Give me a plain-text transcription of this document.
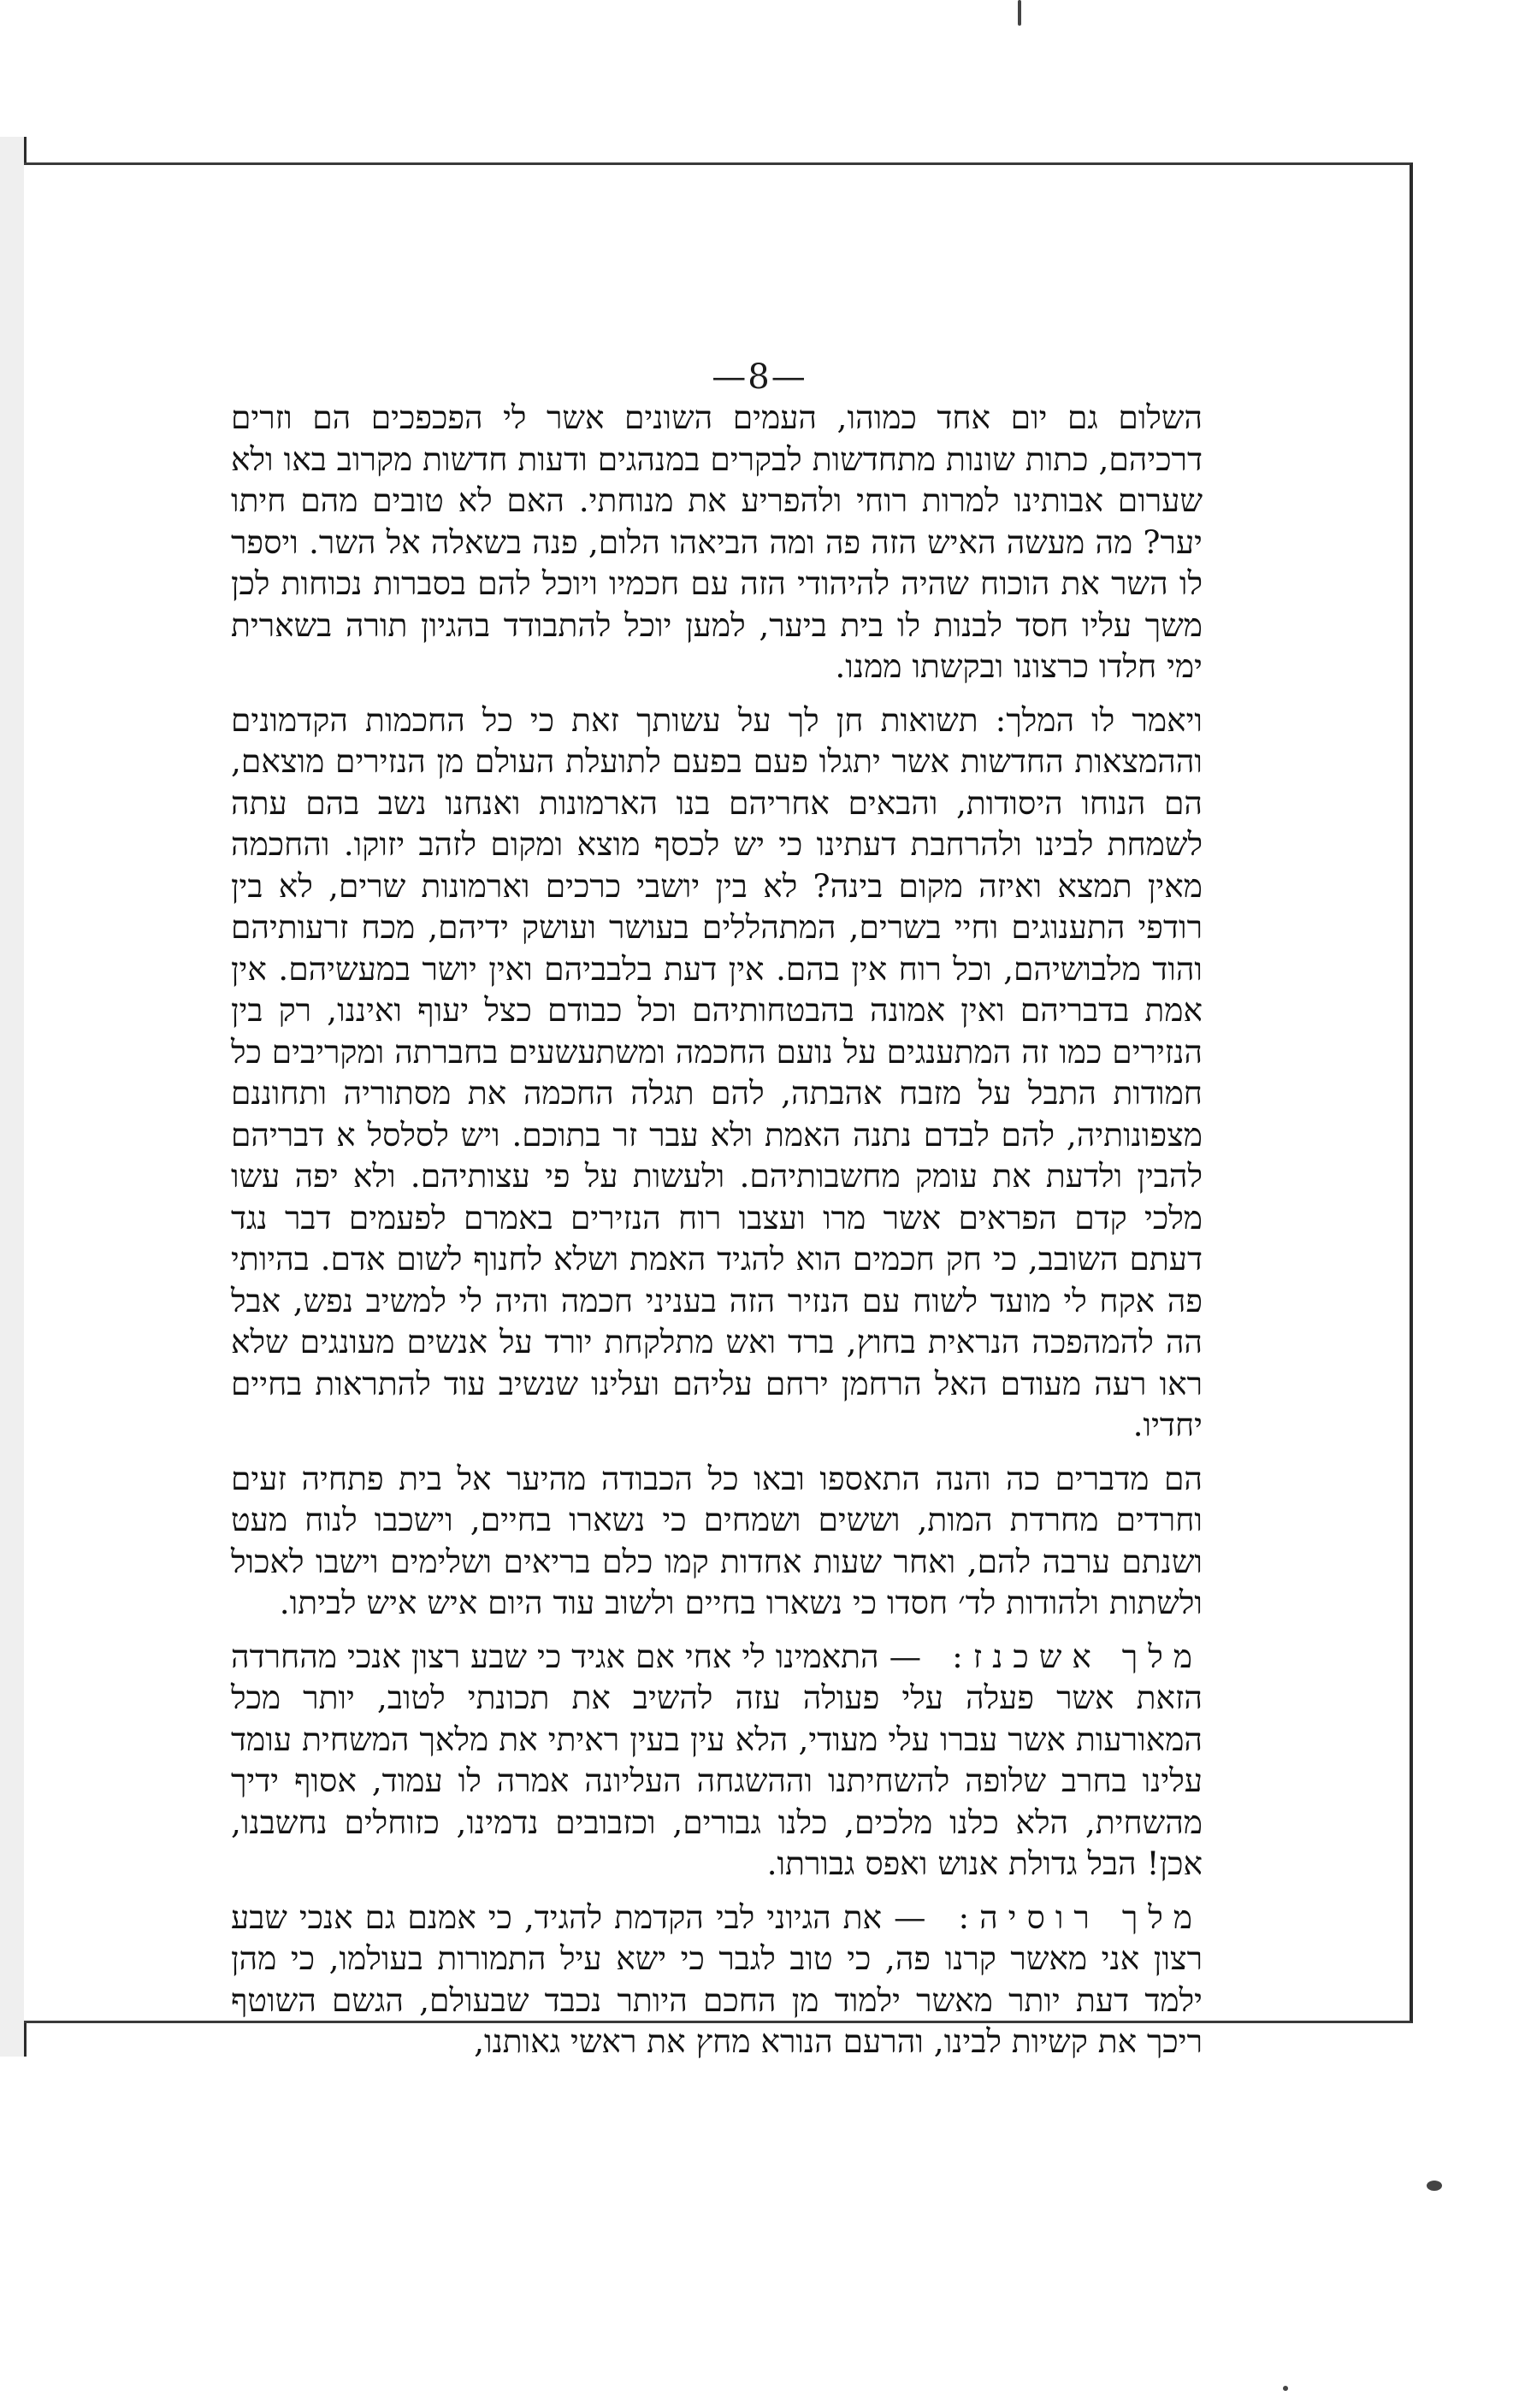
—8—

השלום גם יום אחד כמוהו, העמים השונים אשר לי הפכפכים הם וזרים דרכיהם, כתות שונות מתחדשות לבקרים במנהגים ודעות חדשות מקרוב באו ולא שערום אבותינו למרות רוחי ולהפריע את מנוחתי. האם לא טובים מהם חיתו יער? מה מעשה האיש הזה פה ומה הביאהו הלום, פנה בשאלה אל השר. ויספר לו השר את הוכוח שהיה להיהודי הזה עם חכמיו ויוכל להם בסברות נכוחות לכן משך עליו חסד לבנות לו בית ביער, למען יוכל להתבודד בהגיון תורה בשארית ימי חלדו כרצונו ובקשתו ממנו.

ויאמר לו המלך: תשואות חן לך על עשותך זאת כי כל החכמות הקדמונים וההמצאות החדשות אשר יתגלו פעם בפעם לתועלת העולם מן הנזירים מוצאם, הם הנוחו היסודות, והבאים אחריהם בנו הארמונות ואנחנו נשב בהם עתה לשמחת לבינו ולהרחבת דעתינו כי יש לכסף מוצא ומקום לזהב יזוקו. והחכמה מאין תמצא ואיזה מקום בינה? לא בין יושבי כרכים וארמונות שרים, לא בין רודפי התענוגים וחיי בשרים, המתהללים בעושר ועושק ידיהם, מכח זרעותיהם והוד מלבושיהם, וכל רוח אין בהם. אין דעת בלבביהם ואין יושר במעשיהם. אין אמת בדבריהם ואין אמונה בהבטחותיהם וכל כבודם כצל יעוף ואיננו, רק בין הנזירים כמו זה המתענגים על נועם החכמה ומשתעשעים בחברתה ומקריבים כל חמודות התבל על מזבח אהבתה, להם תגלה החכמה את מסתוריה ותחוננם מצפונותיה, להם לבדם נתנה האמת ולא עבר זר בתוכם. ויש לסלסל א דבריהם להבין ולדעת את עומק מחשבותיהם. ולעשות על פי עצותיהם. ולא יפה עשו מלכי קדם הפראים אשר מרו ועצבו רוח הנזירים באמרם לפעמים דבר נגד דעתם השובב, כי חק חכמים הוא להגיד האמת ושלא לחנוף לשום אדם. בהיותי פה אקח לי מועד לשוח עם הנזיר הזה בעניני חכמה והיה לי למשיב נפש, אבל הה להמהפכה הנראית בחוץ, ברד ואש מתלקחת יורד על אנשים מעונגים שלא ראו רעה מעודם האל הרחמן ירחם עליהם ועלינו שנשיב עוד להתראות בחיים יחדיו.

הם מדברים כה והנה התאספו ובאו כל הכבודה מהיער אל בית פתחיה זעים וחרדים מחרדת המות, וששים ושמחים כי נשארו בחיים, וישכבו לנוח מעט ושנתם ערבה להם, ואחר שעות אחדות קמו כלם בריאים ושלימים וישבו לאכול ולשתות ולהודות לד׳ חסדו כי נשארו בחיים ולשוב עוד היום איש איש לביתו.

מלך אשכנז: — התאמינו לי אחי אם אגיד כי שבע רצון אנכי מהחרדה הזאת אשר פעלה עלי פעולה עזה להשיב את תכונתי לטוב, יותר מכל המאורעות אשר עברו עלי מעודי, הלא עין בעין ראיתי את מלאך המשחית עומד עלינו בחרב שלופה להשחיתנו וההשגחה העליונה אמרה לו עמוד, אסוף ידיך מהשחית, הלא כלנו מלכים, כלנו גבורים, וכזבובים נדמינו, כזוחלים נחשבנו, אכן! הבל גדולת אנוש ואפס גבורתו.

מלך רוסיה: — את הגיוני לבי הקדמת להגיד, כי אמנם גם אנכי שבע רצון אני מאשר קרנו פה, כי טוב לגבר כי ישא עיל התמורות בעולמו, כי מהן ילמד דעת יותר מאשר ילמוד מן החכם היותר נכבד שבעולם, הגשם השוטף ריכך את קשיות לבינו, והרעם הנורא מחץ את ראשי גאותנו,
